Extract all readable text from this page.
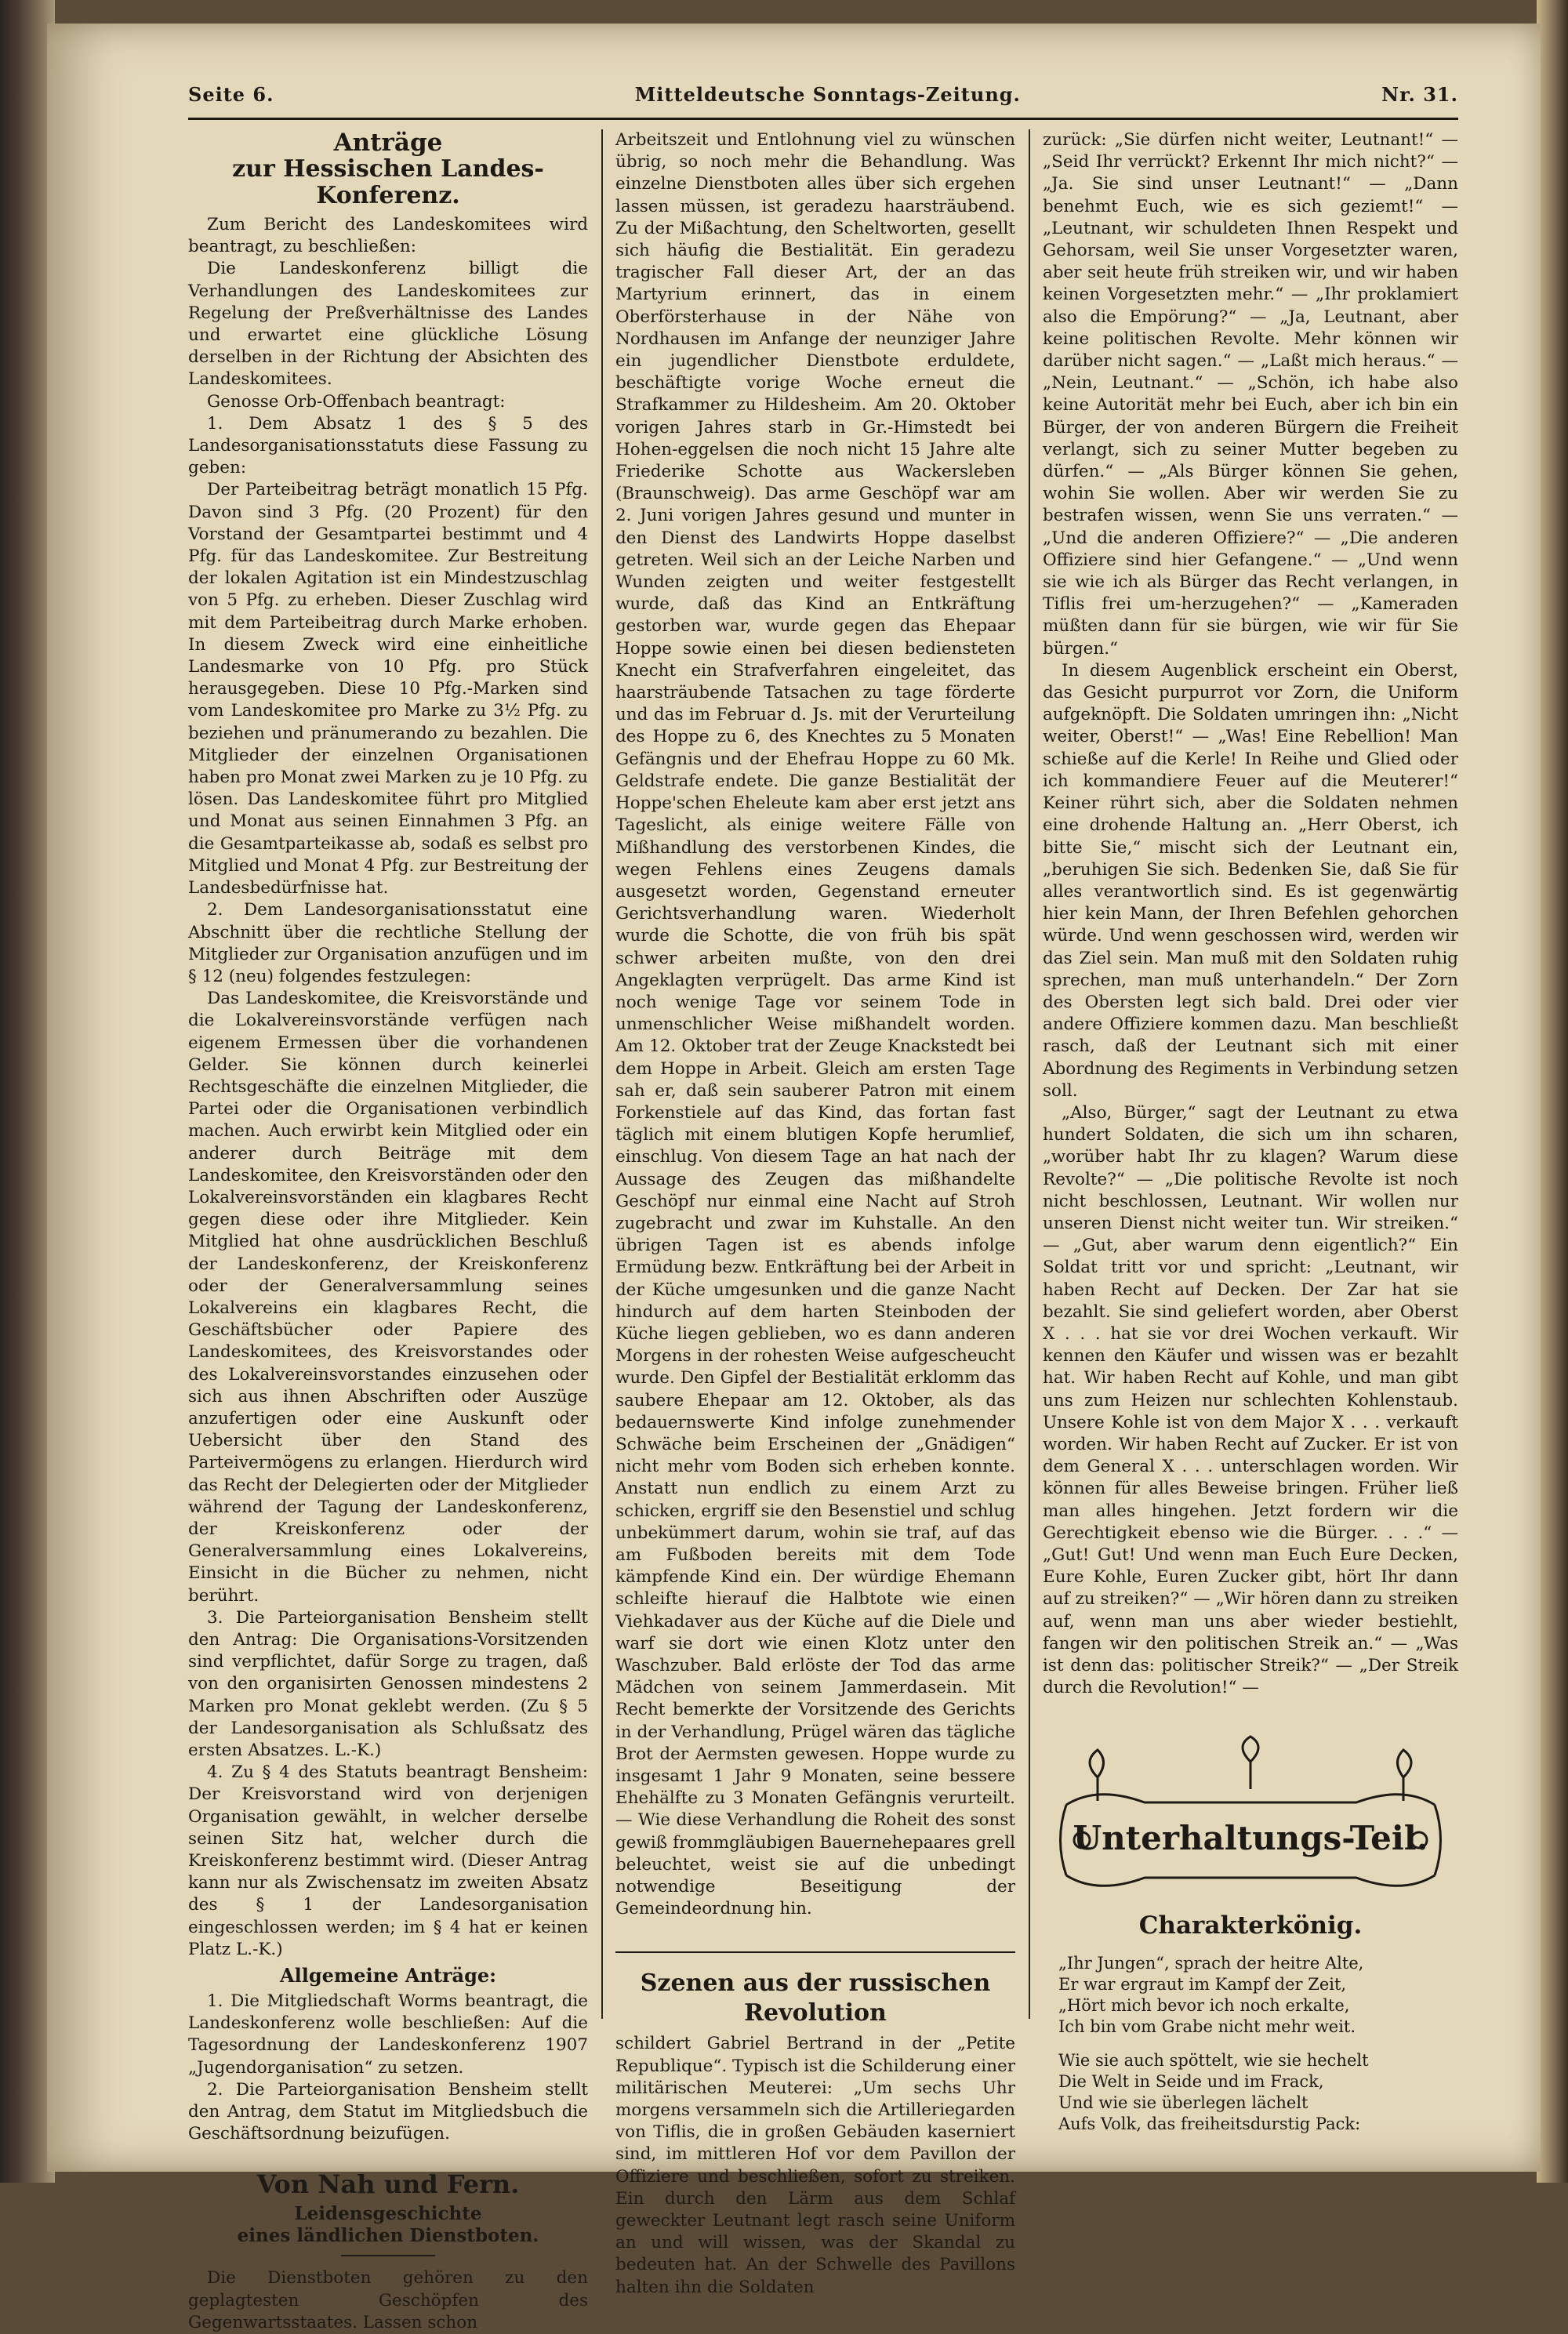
Seite 6.	Mitteldeutsche Sonntags-Zeitung.	Nr. 31.
Anträge
zur Hessischen Landes-Konferenz.

Zum Bericht des Landeskomitees wird beantragt, zu beschließen:

Die Landeskonferenz billigt die Verhandlungen des Landeskomitees zur Regelung der Preßverhältnisse des Landes und erwartet eine glückliche Lösung derselben in der Richtung der Absichten des Landeskomitees.

Genosse Orb-Offenbach beantragt:

1. Dem Absatz 1 des § 5 des Landesorganisationsstatuts diese Fassung zu geben:

Der Parteibeitrag beträgt monatlich 15 Pfg. Davon sind 3 Pfg. (20 Prozent) für den Vorstand der Gesamtpartei bestimmt und 4 Pfg. für das Landeskomitee. Zur Bestreitung der lokalen Agitation ist ein Mindestzuschlag von 5 Pfg. zu erheben. Dieser Zuschlag wird mit dem Parteibeitrag durch Marke erhoben. In diesem Zweck wird eine einheitliche Landesmarke von 10 Pfg. pro Stück herausgegeben. Diese 10 Pfg.-Marken sind vom Landeskomitee pro Marke zu 3½ Pfg. zu beziehen und pränumerando zu bezahlen. Die Mitglieder der einzelnen Organisationen haben pro Monat zwei Marken zu je 10 Pfg. zu lösen. Das Landeskomitee führt pro Mitglied und Monat aus seinen Einnahmen 3 Pfg. an die Gesamtparteikasse ab, sodaß es selbst pro Mitglied und Monat 4 Pfg. zur Bestreitung der Landesbedürfnisse hat.

2. Dem Landesorganisationsstatut eine Abschnitt über die rechtliche Stellung der Mitglieder zur Organisation anzufügen und im § 12 (neu) folgendes festzulegen:

Das Landeskomitee, die Kreisvorstände und die Lokalvereinsvorstände verfügen nach eigenem Ermessen über die vorhandenen Gelder. Sie können durch keinerlei Rechtsgeschäfte die einzelnen Mitglieder, die Partei oder die Organisationen verbindlich machen. Auch erwirbt kein Mitglied oder ein anderer durch Beiträge mit dem Landeskomitee, den Kreisvorständen oder den Lokalvereinsvorständen ein klagbares Recht gegen diese oder ihre Mitglieder. Kein Mitglied hat ohne ausdrücklichen Beschluß der Landeskonferenz, der Kreiskonferenz oder der Generalversammlung seines Lokalvereins ein klagbares Recht, die Geschäftsbücher oder Papiere des Landeskomitees, des Kreisvorstandes oder des Lokalvereinsvorstandes einzusehen oder sich aus ihnen Abschriften oder Auszüge anzufertigen oder eine Auskunft oder Uebersicht über den Stand des Parteivermögens zu erlangen. Hierdurch wird das Recht der Delegierten oder der Mitglieder während der Tagung der Landeskonferenz, der Kreiskonferenz oder der Generalversammlung eines Lokalvereins, Einsicht in die Bücher zu nehmen, nicht berührt.

3. Die Parteiorganisation Bensheim stellt den Antrag: Die Organisations-Vorsitzenden sind verpflichtet, dafür Sorge zu tragen, daß von den organisirten Genossen mindestens 2 Marken pro Monat geklebt werden. (Zu § 5 der Landesorganisation als Schlußsatz des ersten Absatzes. L.-K.)

4. Zu § 4 des Statuts beantragt Bensheim: Der Kreisvorstand wird von derjenigen Organisation gewählt, in welcher derselbe seinen Sitz hat, welcher durch die Kreiskonferenz bestimmt wird. (Dieser Antrag kann nur als Zwischensatz im zweiten Absatz des § 1 der Landesorganisation eingeschlossen werden; im § 4 hat er keinen Platz L.-K.)

Allgemeine Anträge:

1. Die Mitgliedschaft Worms beantragt, die Landeskonferenz wolle beschließen: Auf die Tagesordnung der Landeskonferenz 1907 „Jugendorganisation“ zu setzen.

2. Die Parteiorganisation Bensheim stellt den Antrag, dem Statut im Mitgliedsbuch die Geschäftsordnung beizufügen.

Von Nah und Fern.
Leidensgeschichte
eines ländlichen Dienstboten.

Die Dienstboten gehören zu den geplagtesten Geschöpfen des Gegenwartsstaates. Lassen schon

Arbeitszeit und Entlohnung viel zu wünschen übrig, so noch mehr die Behandlung. Was einzelne Dienstboten alles über sich ergehen lassen müssen, ist geradezu haarsträubend. Zu der Mißachtung, den Scheltworten, gesellt sich häufig die Bestialität. Ein geradezu tragischer Fall dieser Art, der an das Martyrium erinnert, das in einem Oberförsterhause in der Nähe von Nordhausen im Anfange der neunziger Jahre ein jugendlicher Dienstbote erduldete, beschäftigte vorige Woche erneut die Strafkammer zu Hildesheim. Am 20. Oktober vorigen Jahres starb in Gr.-Himstedt bei Hohen-eggelsen die noch nicht 15 Jahre alte Friederike Schotte aus Wackersleben (Braunschweig). Das arme Geschöpf war am 2. Juni vorigen Jahres gesund und munter in den Dienst des Landwirts Hoppe daselbst getreten. Weil sich an der Leiche Narben und Wunden zeigten und weiter festgestellt wurde, daß das Kind an Entkräftung gestorben war, wurde gegen das Ehepaar Hoppe sowie einen bei diesen bediensteten Knecht ein Strafverfahren eingeleitet, das haarsträubende Tatsachen zu tage förderte und das im Februar d. Js. mit der Verurteilung des Hoppe zu 6, des Knechtes zu 5 Monaten Gefängnis und der Ehefrau Hoppe zu 60 Mk. Geldstrafe endete. Die ganze Bestialität der Hoppe'schen Eheleute kam aber erst jetzt ans Tageslicht, als einige weitere Fälle von Mißhandlung des verstorbenen Kindes, die wegen Fehlens eines Zeugens damals ausgesetzt worden, Gegenstand erneuter Gerichtsverhandlung waren. Wiederholt wurde die Schotte, die von früh bis spät schwer arbeiten mußte, von den drei Angeklagten verprügelt. Das arme Kind ist noch wenige Tage vor seinem Tode in unmenschlicher Weise mißhandelt worden. Am 12. Oktober trat der Zeuge Knackstedt bei dem Hoppe in Arbeit. Gleich am ersten Tage sah er, daß sein sauberer Patron mit einem Forkenstiele auf das Kind, das fortan fast täglich mit einem blutigen Kopfe herumlief, einschlug. Von diesem Tage an hat nach der Aussage des Zeugen das mißhandelte Geschöpf nur einmal eine Nacht auf Stroh zugebracht und zwar im Kuhstalle. An den übrigen Tagen ist es abends infolge Ermüdung bezw. Entkräftung bei der Arbeit in der Küche umgesunken und die ganze Nacht hindurch auf dem harten Steinboden der Küche liegen geblieben, wo es dann anderen Morgens in der rohesten Weise aufgescheucht wurde. Den Gipfel der Bestialität erklomm das saubere Ehepaar am 12. Oktober, als das bedauernswerte Kind infolge zunehmender Schwäche beim Erscheinen der „Gnädigen“ nicht mehr vom Boden sich erheben konnte. Anstatt nun endlich zu einem Arzt zu schicken, ergriff sie den Besenstiel und schlug unbekümmert darum, wohin sie traf, auf das am Fußboden bereits mit dem Tode kämpfende Kind ein. Der würdige Ehemann schleifte hierauf die Halbtote wie einen Viehkadaver aus der Küche auf die Diele und warf sie dort wie einen Klotz unter den Waschzuber. Bald erlöste der Tod das arme Mädchen von seinem Jammerdasein. Mit Recht bemerkte der Vorsitzende des Gerichts in der Verhandlung, Prügel wären das tägliche Brot der Aermsten gewesen. Hoppe wurde zu insgesamt 1 Jahr 9 Monaten, seine bessere Ehehälfte zu 3 Monaten Gefängnis verurteilt. — Wie diese Verhandlung die Roheit des sonst gewiß frommgläubigen Bauernehepaares grell beleuchtet, weist sie auf die unbedingt notwendige Beseitigung der Gemeindeordnung hin.

Szenen aus der russischen Revolution

schildert Gabriel Bertrand in der „Petite Republique“. Typisch ist die Schilderung einer militärischen Meuterei: „Um sechs Uhr morgens versammeln sich die Artilleriegarden von Tiflis, die in großen Gebäuden kaserniert sind, im mittleren Hof vor dem Pavillon der Offiziere und beschließen, sofort zu streiken. Ein durch den Lärm aus dem Schlaf geweckter Leutnant legt rasch seine Uniform an und will wissen, was der Skandal zu bedeuten hat. An der Schwelle des Pavillons halten ihn die Soldaten

zurück: „Sie dürfen nicht weiter, Leutnant!“ — „Seid Ihr verrückt? Erkennt Ihr mich nicht?“ — „Ja. Sie sind unser Leutnant!“ — „Dann benehmt Euch, wie es sich geziemt!“ — „Leutnant, wir schuldeten Ihnen Respekt und Gehorsam, weil Sie unser Vorgesetzter waren, aber seit heute früh streiken wir, und wir haben keinen Vorgesetzten mehr.“ — „Ihr proklamiert also die Empörung?“ — „Ja, Leutnant, aber keine politischen Revolte. Mehr können wir darüber nicht sagen.“ — „Laßt mich heraus.“ — „Nein, Leutnant.“ — „Schön, ich habe also keine Autorität mehr bei Euch, aber ich bin ein Bürger, der von anderen Bürgern die Freiheit verlangt, sich zu seiner Mutter begeben zu dürfen.“ — „Als Bürger können Sie gehen, wohin Sie wollen. Aber wir werden Sie zu bestrafen wissen, wenn Sie uns verraten.“ — „Und die anderen Offiziere?“ — „Die anderen Offiziere sind hier Gefangene.“ — „Und wenn sie wie ich als Bürger das Recht verlangen, in Tiflis frei um-herzugehen?“ — „Kameraden müßten dann für sie bürgen, wie wir für Sie bürgen.“

In diesem Augenblick erscheint ein Oberst, das Gesicht purpurrot vor Zorn, die Uniform aufgeknöpft. Die Soldaten umringen ihn: „Nicht weiter, Oberst!“ — „Was! Eine Rebellion! Man schieße auf die Kerle! In Reihe und Glied oder ich kommandiere Feuer auf die Meuterer!“ Keiner rührt sich, aber die Soldaten nehmen eine drohende Haltung an. „Herr Oberst, ich bitte Sie,“ mischt sich der Leutnant ein, „beruhigen Sie sich. Bedenken Sie, daß Sie für alles verantwortlich sind. Es ist gegenwärtig hier kein Mann, der Ihren Befehlen gehorchen würde. Und wenn geschossen wird, werden wir das Ziel sein. Man muß mit den Soldaten ruhig sprechen, man muß unterhandeln.“ Der Zorn des Obersten legt sich bald. Drei oder vier andere Offiziere kommen dazu. Man beschließt rasch, daß der Leutnant sich mit einer Abordnung des Regiments in Verbindung setzen soll.

„Also, Bürger,“ sagt der Leutnant zu etwa hundert Soldaten, die sich um ihn scharen, „worüber habt Ihr zu klagen? Warum diese Revolte?“ — „Die politische Revolte ist noch nicht beschlossen, Leutnant. Wir wollen nur unseren Dienst nicht weiter tun. Wir streiken.“ — „Gut, aber warum denn eigentlich?“ Ein Soldat tritt vor und spricht: „Leutnant, wir haben Recht auf Decken. Der Zar hat sie bezahlt. Sie sind geliefert worden, aber Oberst X . . . hat sie vor drei Wochen verkauft. Wir kennen den Käufer und wissen was er bezahlt hat. Wir haben Recht auf Kohle, und man gibt uns zum Heizen nur schlechten Kohlenstaub. Unsere Kohle ist von dem Major X . . . verkauft worden. Wir haben Recht auf Zucker. Er ist von dem General X . . . unterschlagen worden. Wir können für alles Beweise bringen. Früher ließ man alles hingehen. Jetzt fordern wir die Gerechtigkeit ebenso wie die Bürger. . . .“ — „Gut! Gut! Und wenn man Euch Eure Decken, Eure Kohle, Euren Zucker gibt, hört Ihr dann auf zu streiken?“ — „Wir hören dann zu streiken auf, wenn man uns aber wieder bestiehlt, fangen wir den politischen Streik an.“ — „Was ist denn das: politischer Streik?“ — „Der Streik durch die Revolution!“ —

Unterhaltungs-Teil.
Charakterkönig.
„Ihr Jungen“, sprach der heitre Alte,
Er war ergraut im Kampf der Zeit,
„Hört mich bevor ich noch erkalte,
Ich bin vom Grabe nicht mehr weit.
Wie sie auch spöttelt, wie sie hechelt
Die Welt in Seide und im Frack,
Und wie sie überlegen lächelt
Aufs Volk, das freiheitsdurstig Pack:
